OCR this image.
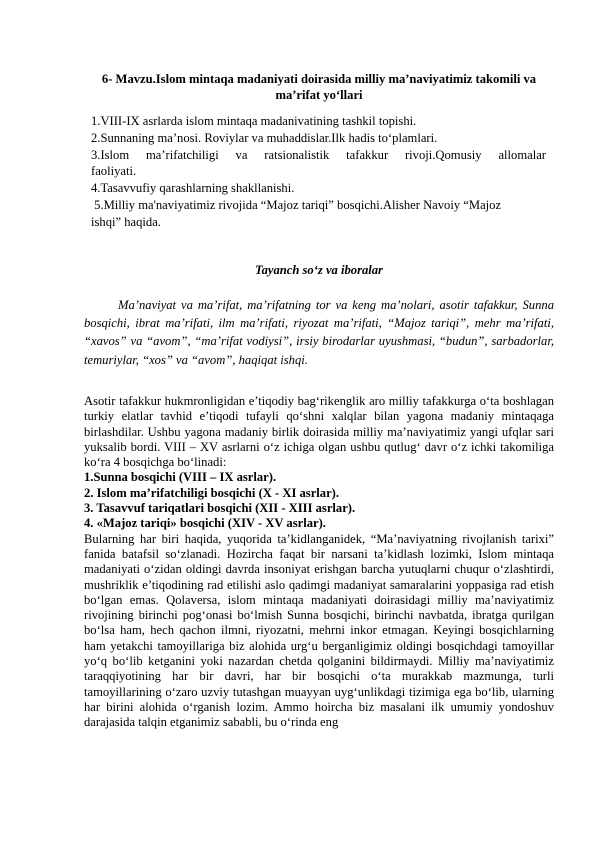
6- Mavzu.Islom mintaqa madaniyati doirasida milliy ma’naviyatimiz takomili va ma’rifat yo‘llari
1.VIII-IX asrlarda islom mintaqa madanivatining tashkil topishi.
2.Sunnaning ma’nosi. Roviylar va muhaddislar.Ilk hadis to‘plamlari.
3.Islom ma’rifatchiligi va ratsionalistik tafakkur rivoji.Qomusiy allomalar
faoliyati.
4.Tasavvufiy qarashlarning shakllanishi.
5.Milliy ma'naviyatimiz rivojida “Majoz tariqi” bosqichi.Alisher Navoiy “Majoz
ishqi” haqida.
Tayanch so‘z va iboralar
Ma’naviyat va ma’rifat, ma’rifatning tor va keng ma’nolari, asotir tafakkur, Sunna bosqichi, ibrat ma’rifati, ilm ma’rifati, riyozat ma’rifati, “Majoz tariqi”, mehr ma’rifati, “xavos” va “avom”, “ma’rifat vodiysi”, irsiy birodarlar uyushmasi, “budun”, sarbadorlar, temuriylar, “xos” va “avom”, haqiqat ishqi.

Asotir tafakkur hukmronligidan e’tiqodiy bag‘rikenglik aro milliy tafakkurga o‘ta boshlagan turkiy elatlar tavhid e’tiqodi tufayli qo‘shni xalqlar bilan yagona madaniy mintaqaga birlashdilar. Ushbu yagona madaniy birlik doirasida milliy ma’naviyatimiz yangi ufqlar sari yuksalib bordi. VIII – XV asrlarni o‘z ichiga olgan ushbu qutlug‘ davr o‘z ichki takomiliga ko‘ra 4 bosqichga bo‘linadi:

1.Sunna bosqichi (VIII – IX asrlar).

2. Islom ma’rifatchiligi bosqichi (X - XI asrlar).

3. Tasavvuf tariqatlari bosqichi (XII - XIII asrlar).

4. «Majoz tariqi» bosqichi (XIV - XV asrlar).

Bularning har biri haqida, yuqorida ta’kidlanganidek, “Ma’naviyatning rivojlanish tarixi” fanida batafsil so‘zlanadi. Hozircha faqat bir narsani ta’kidlash lozimki, Islom mintaqa madaniyati o‘zidan oldingi davrda insoniyat erishgan barcha yutuqlarni chuqur o‘zlashtirdi, mushriklik e’tiqodining rad etilishi aslo qadimgi madaniyat samaralarini yoppasiga rad etish bo‘lgan emas. Qolaversa, islom mintaqa madaniyati doirasidagi milliy ma’naviyatimiz rivojining birinchi pog‘onasi bo‘lmish Sunna bosqichi, birinchi navbatda, ibratga qurilgan bo‘lsa ham, hech qachon ilmni, riyozatni, mehrni inkor etmagan. Keyingi bosqichlarning ham yetakchi tamoyillariga biz alohida urg‘u berganligimiz oldingi bosqichdagi tamoyillar yo‘q bo‘lib ketganini yoki nazardan chetda qolganini bildirmaydi. Milliy ma’naviyatimiz taraqqiyotining har bir davri, har bir bosqichi o‘ta murakkab mazmunga, turli tamoyillarining o‘zaro uzviy tutashgan muayyan uyg‘unlikdagi tizimiga ega bo‘lib, ularning har birini alohida o‘rganish lozim. Ammo hoircha biz masalani ilk umumiy yondoshuv darajasida talqin etganimiz sababli, bu o‘rinda eng
